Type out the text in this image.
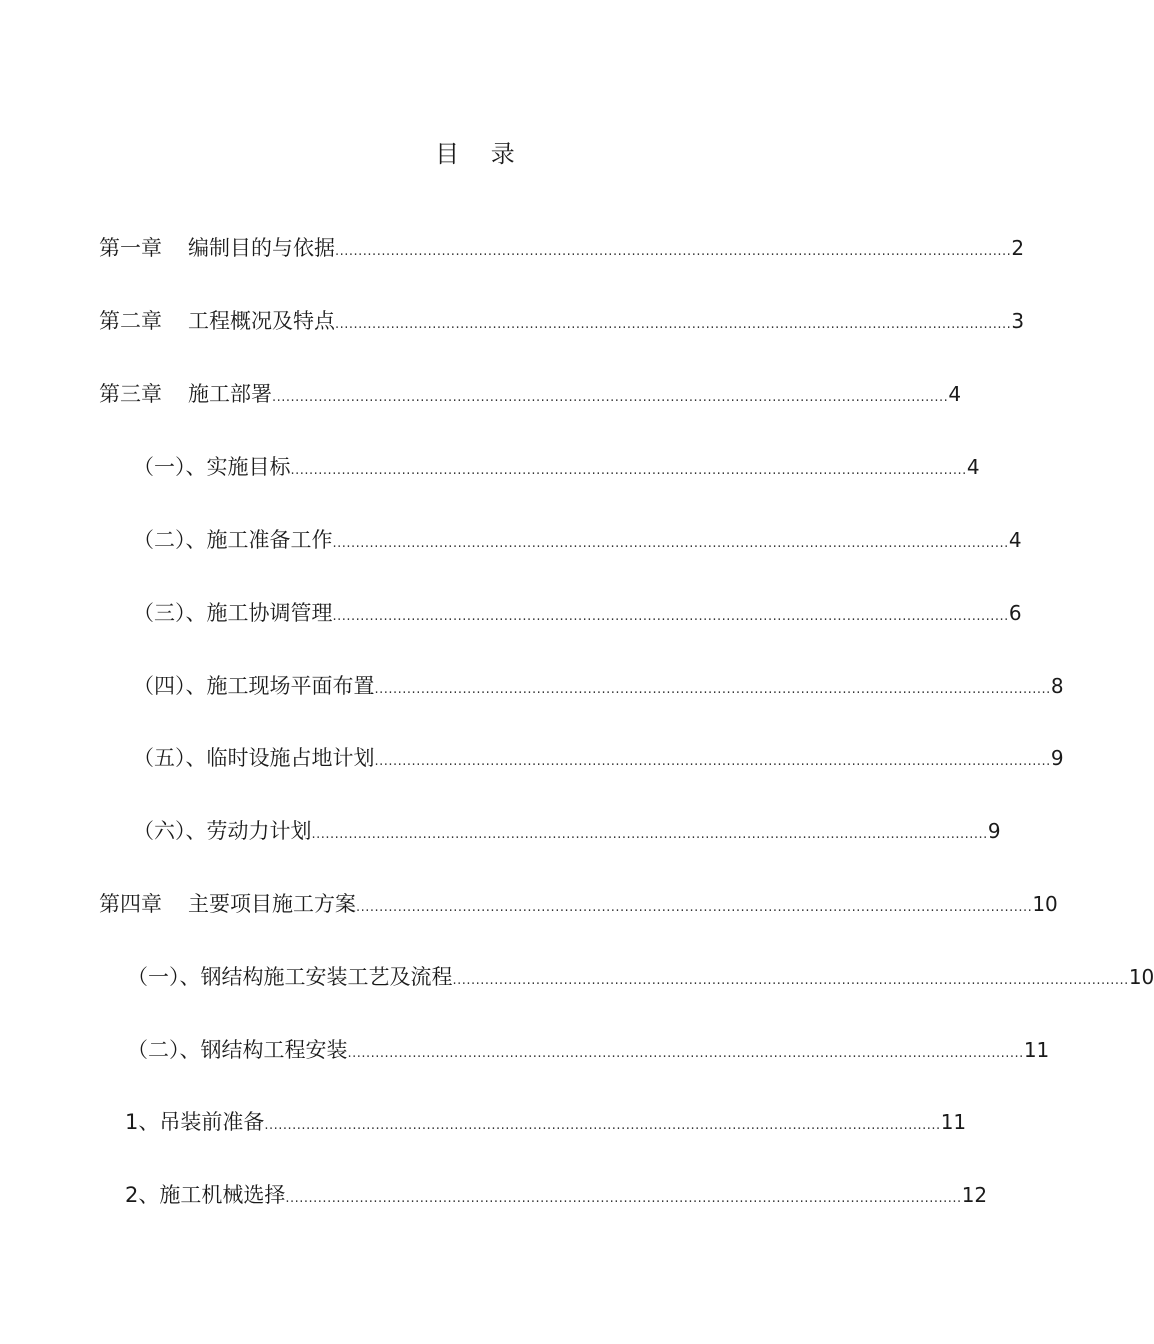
目 录
第一章 编制目的与依据 .................................................................................................................................................. 2
第二章 工程概况及特点 .................................................................................................................................................. 3
第三章 施工部署 .................................................................................................................................................. 4
（一）、实施目标 .................................................................................................................................................. 4
（二）、施工准备工作 .................................................................................................................................................. 4
（三）、施工协调管理 .................................................................................................................................................. 6
（四）、施工现场平面布置 .................................................................................................................................................. 8
（五）、临时设施占地计划 .................................................................................................................................................. 9
（六）、劳动力计划 .................................................................................................................................................. 9
第四章 主要项目施工方案 .................................................................................................................................................. 10
（一）、钢结构施工安装工艺及流程 .................................................................................................................................................. 10
（二）、钢结构工程安装 .................................................................................................................................................. 11
1、吊装前准备 .................................................................................................................................................. 11
2、施工机械选择 .................................................................................................................................................. 12
